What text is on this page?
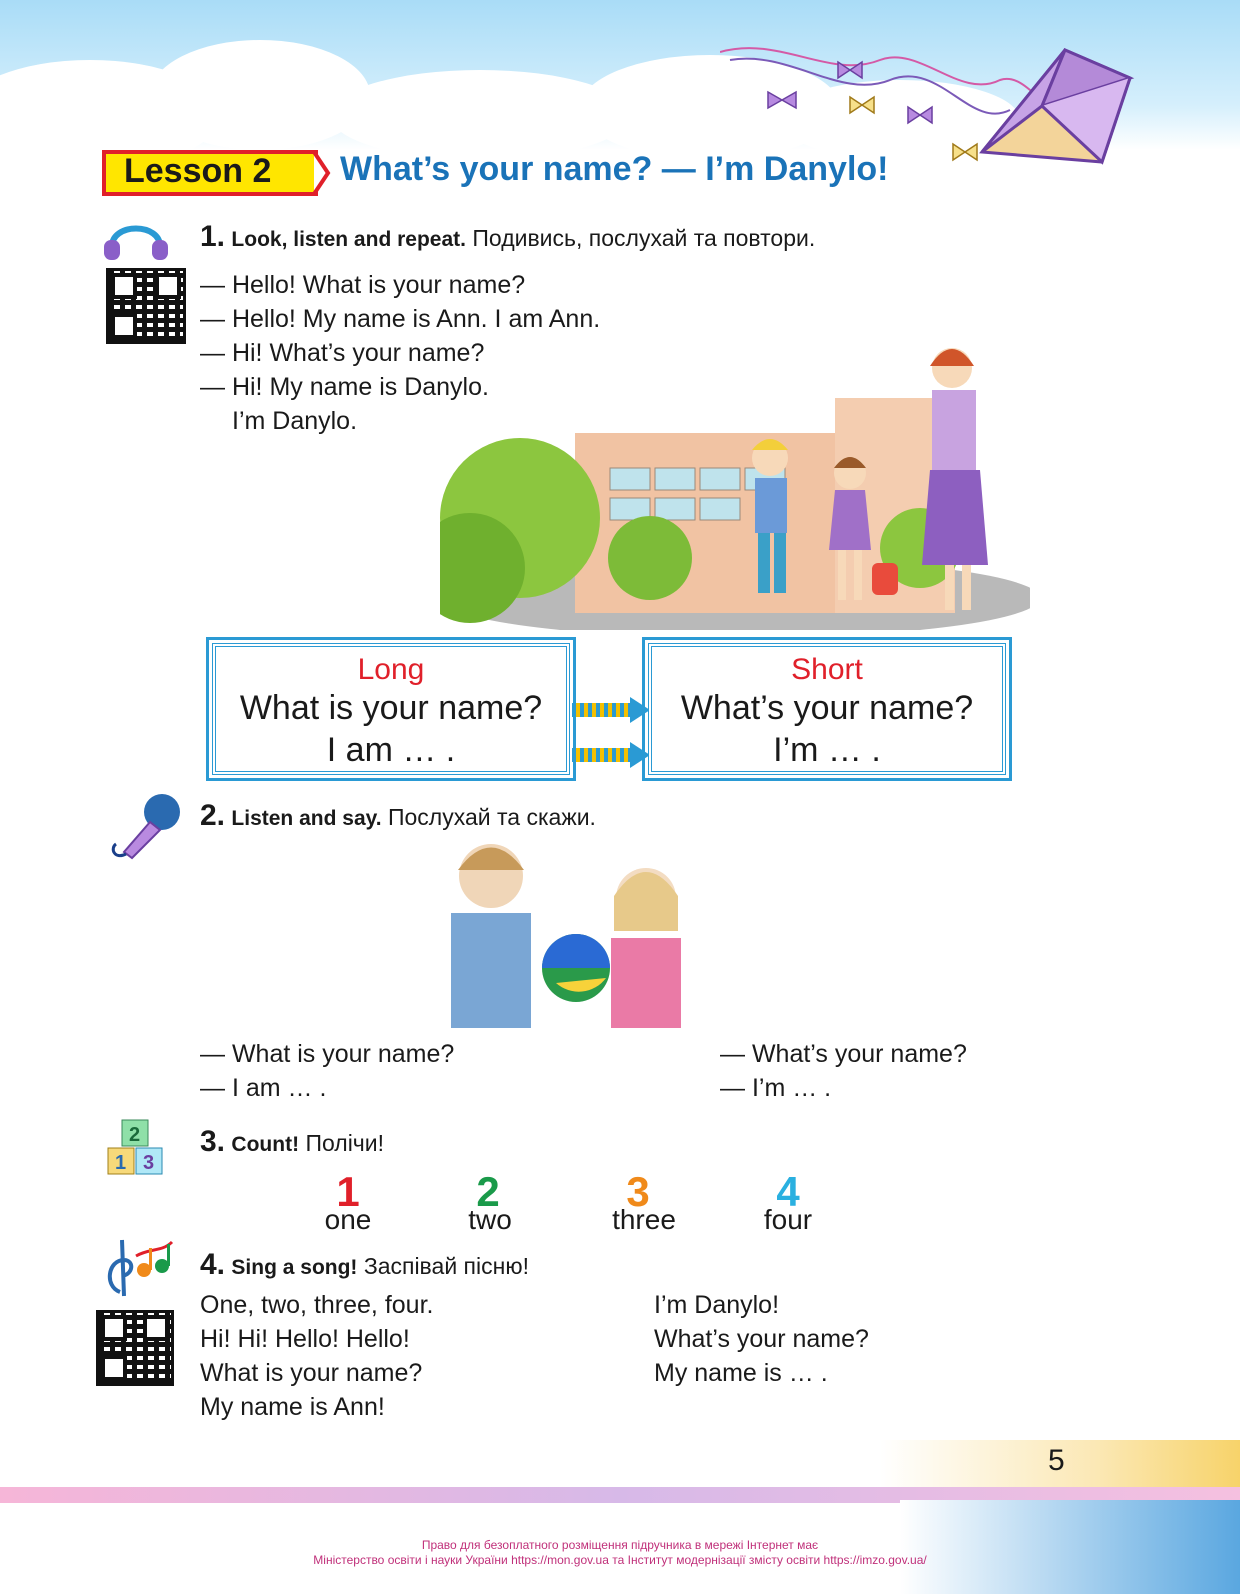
Lesson 2 What’s your name? — I’m Danylo!
1. Look, listen and repeat. Подивись, послухай та повтори.
— Hello! What is your name?
— Hello! My name is Ann. I am Ann.
— Hi! What’s your name?
— Hi! My name is Danylo.
I’m Danylo.
Long
What is your name?
I am … .
Short
What’s your name?
I’m … .
2. Listen and say. Послухай та скажи.
— What is your name?
— I am … .
— What’s your name?
— I’m … .
2
1 3
3. Count! Полічи!
1
one
2
two
3
three
4
four
4. Sing a song! Заспівай пісню!
One, two, three, four.
Hi! Hi! Hello! Hello!
What is your name?
My name is Ann!
I’m Danylo!
What’s your name?
My name is … .
5
Право для безоплатного розміщення підручника в мережі Інтернет має
Міністерство освіти і науки України https://mon.gov.ua та Інститут модернізації змісту освіти https://imzo.gov.ua/
